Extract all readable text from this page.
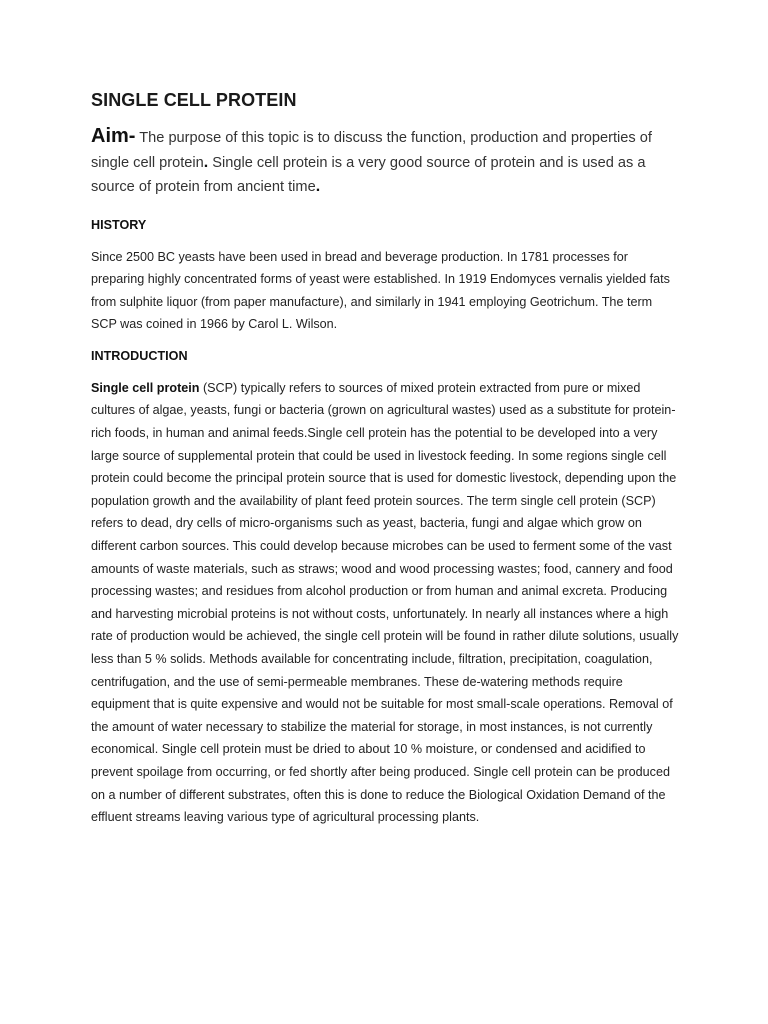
SINGLE CELL PROTEIN

Aim- The purpose of this topic is to discuss the function, production and properties of single cell protein. Single cell protein is a very good source of protein and is used as a source of protein from ancient time.

HISTORY

Since 2500 BC yeasts have been used in bread and beverage production. In 1781 processes for preparing highly concentrated forms of yeast were established. In 1919 Endomyces vernalis yielded fats from sulphite liquor (from paper manufacture), and similarly in 1941 employing Geotrichum. The term SCP was coined in 1966 by Carol L. Wilson.

INTRODUCTION

Single cell protein (SCP) typically refers to sources of mixed protein extracted from pure or mixed cultures of algae, yeasts, fungi or bacteria (grown on agricultural wastes) used as a substitute for protein-rich foods, in human and animal feeds.Single cell protein has the potential to be developed into a very large source of supplemental protein that could be used in livestock feeding. In some regions single cell protein could become the principal protein source that is used for domestic livestock, depending upon the population growth and the availability of plant feed protein sources. The term single cell protein (SCP) refers to dead, dry cells of micro-organisms such as yeast, bacteria, fungi and algae which grow on different carbon sources. This could develop because microbes can be used to ferment some of the vast amounts of waste materials, such as straws; wood and wood processing wastes; food, cannery and food processing wastes; and residues from alcohol production or from human and animal excreta. Producing and harvesting microbial proteins is not without costs, unfortunately. In nearly all instances where a high rate of production would be achieved, the single cell protein will be found in rather dilute solutions, usually less than 5 % solids. Methods available for concentrating include, filtration, precipitation, coagulation, centrifugation, and the use of semi-permeable membranes. These de-watering methods require equipment that is quite expensive and would not be suitable for most small-scale operations. Removal of the amount of water necessary to stabilize the material for storage, in most instances, is not currently economical. Single cell protein must be dried to about 10 % moisture, or condensed and acidified to prevent spoilage from occurring, or fed shortly after being produced. Single cell protein can be produced on a number of different substrates, often this is done to reduce the Biological Oxidation Demand of the effluent streams leaving various type of agricultural processing plants.
